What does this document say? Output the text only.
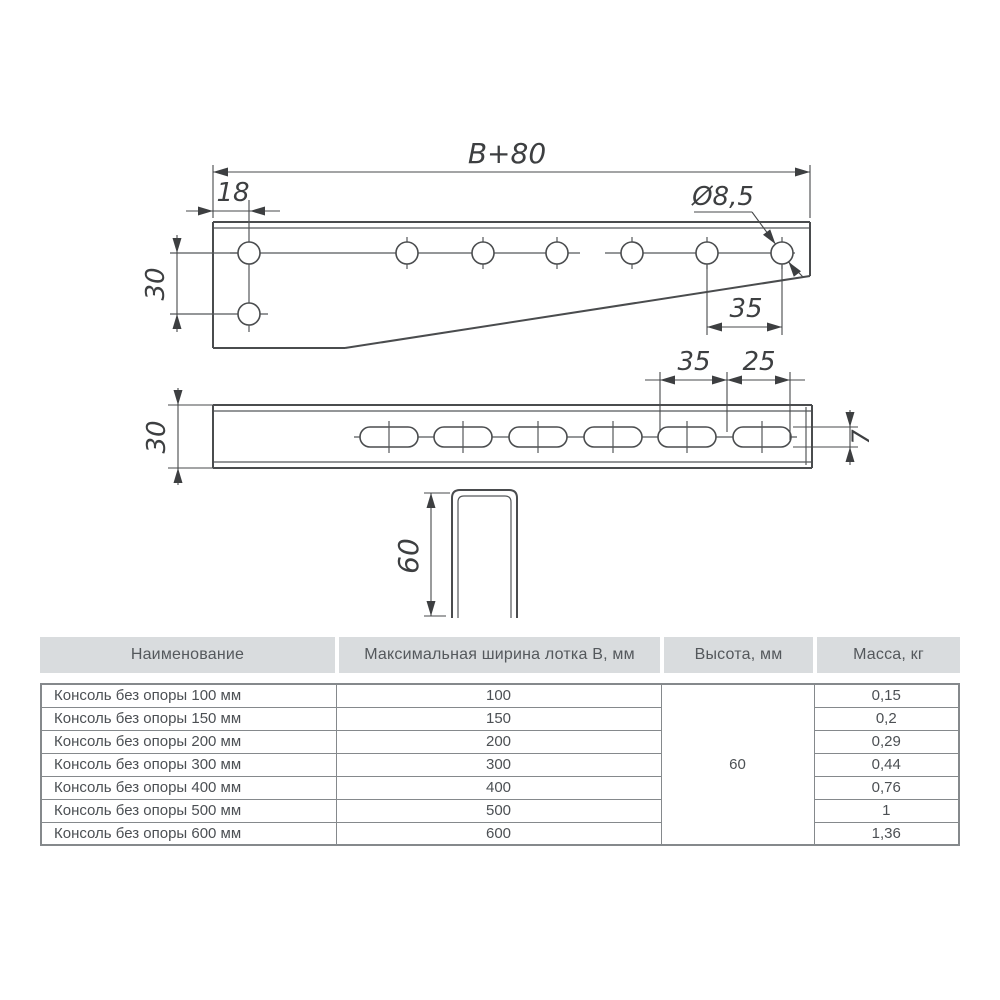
В+80
18
30
Ø8,5
35
35 25
30	7
60
Наименование	Максимальная ширина лотка В, мм	Высота, мм	Масса, кг
Консоль без опоры 100 мм	100	60	0,15
Консоль без опоры 150 мм	150		0,2
Консоль без опоры 200 мм	200		0,29
Консоль без опоры 300 мм	300		0,44
Консоль без опоры 400 мм	400		0,76
Консоль без опоры 500 мм	500		1
Консоль без опоры 600 мм	600		1,36
